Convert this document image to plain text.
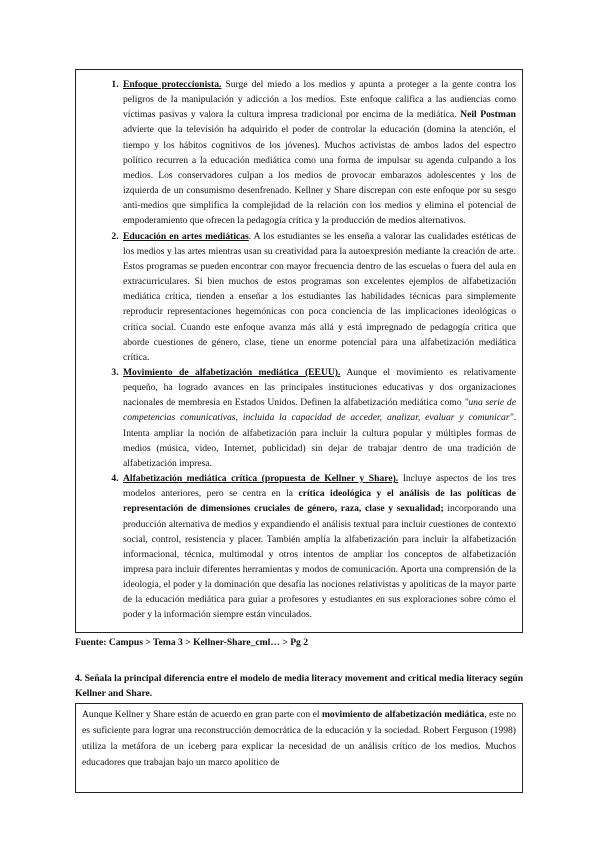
1. Enfoque proteccionista. Surge del miedo a los medios y apunta a proteger a la gente contra los peligros de la manipulación y adicción a los medios. Este enfoque califica a las audiencias como víctimas pasivas y valora la cultura impresa tradicional por encima de la mediática. Neil Postman advierte que la televisión ha adquirido el poder de controlar la educación (domina la atención, el tiempo y los hábitos cognitivos de los jóvenes). Muchos activistas de ambos lados del espectro político recurren a la educación mediática como una forma de impulsar su agenda culpando a los medios. Los conservadores culpan a los medios de provocar embarazos adolescentes y los de izquierda de un consumismo desenfrenado. Kellner y Share discrepan con este enfoque por su sesgo anti-medios que simplifica la complejidad de la relación con los medios y elimina el potencial de empoderamiento que ofrecen la pedagogía crítica y la producción de medios alternativos.
2. Educación en artes mediáticas. A los estudiantes se les enseña a valorar las cualidades estéticas de los medios y las artes mientras usan su creatividad para la autoexpresión mediante la creación de arte. Estos programas se pueden encontrar con mayor frecuencia dentro de las escuelas o fuera del aula en extracurriculares. Si bien muchos de estos programas son excelentes ejemplos de alfabetización mediática crítica, tienden a enseñar a los estudiantes las habilidades técnicas para simplemente reproducir representaciones hegemónicas con poca conciencia de las implicaciones ideológicas o crítica social. Cuando este enfoque avanza más allá y está impregnado de pedagogía crítica que aborde cuestiones de género, clase, tiene un enorme potencial para una alfabetización mediática crítica.
3. Movimiento de alfabetización mediática (EEUU). Aunque el movimiento es relativamente pequeño, ha logrado avances en las principales instituciones educativas y dos organizaciones nacionales de membresía en Estados Unidos. Definen la alfabetización mediática como "una serie de competencias comunicativas, incluida la capacidad de acceder, analizar, evaluar y comunicar". Intenta ampliar la noción de alfabetización para incluir la cultura popular y múltiples formas de medios (música, video, Internet, publicidad) sin dejar de trabajar dentro de una tradición de alfabetización impresa.
4. Alfabetización mediática crítica (propuesta de Kellner y Share). Incluye aspectos de los tres modelos anteriores, pero se centra en la crítica ideológica y el análisis de las políticas de representación de dimensiones cruciales de género, raza, clase y sexualidad; incorporando una producción alternativa de medios y expandiendo el análisis textual para incluir cuestiones de contexto social, control, resistencia y placer. También amplía la alfabetización para incluir la alfabetización informacional, técnica, multimodal y otros intentos de ampliar los conceptos de alfabetización impresa para incluir diferentes herramientas y modos de comunicación. Aporta una comprensión de la ideología, el poder y la dominación que desafía las nociones relativistas y apolíticas de la mayor parte de la educación mediática para guiar a profesores y estudiantes en sus exploraciones sobre cómo el poder y la información siempre están vinculados.
Fuente: Campus > Tema 3 > Kellner-Share_cml… > Pg 2
4. Señala la principal diferencia entre el modelo de media literacy movement and critical media literacy según Kellner and Share.

Aunque Kellner y Share están de acuerdo en gran parte con el movimiento de alfabetización mediática, este no es suficiente para lograr una reconstrucción democrática de la educación y la sociedad. Robert Ferguson (1998) utiliza la metáfora de un iceberg para explicar la necesidad de un análisis crítico de los medios. Muchos educadores que trabajan bajo un marco apolítico de
